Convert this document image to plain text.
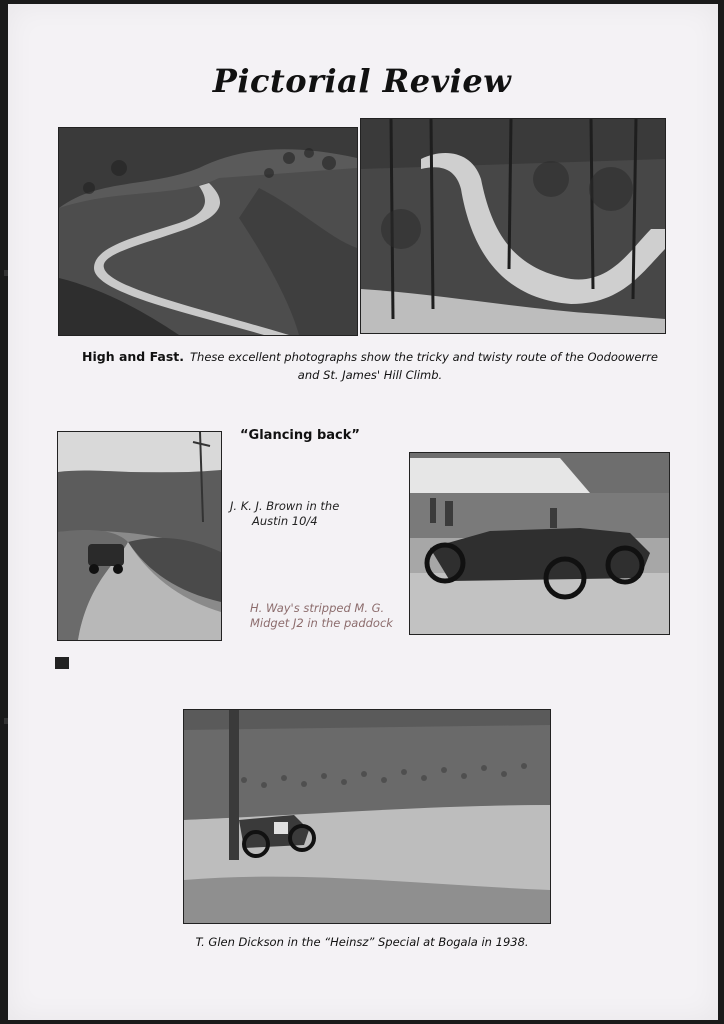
Pictorial Review
High and Fast. These excellent photographs show the tricky and twisty route of the Oodoowerre
and St. James' Hill Climb.
“Glancing back”
J. K. J. Brown in the
Austin 10/4
H. Way's stripped M. G.
Midget J2 in the paddock
T. Glen Dickson in the “Heinsz” Special at Bogala in 1938.
